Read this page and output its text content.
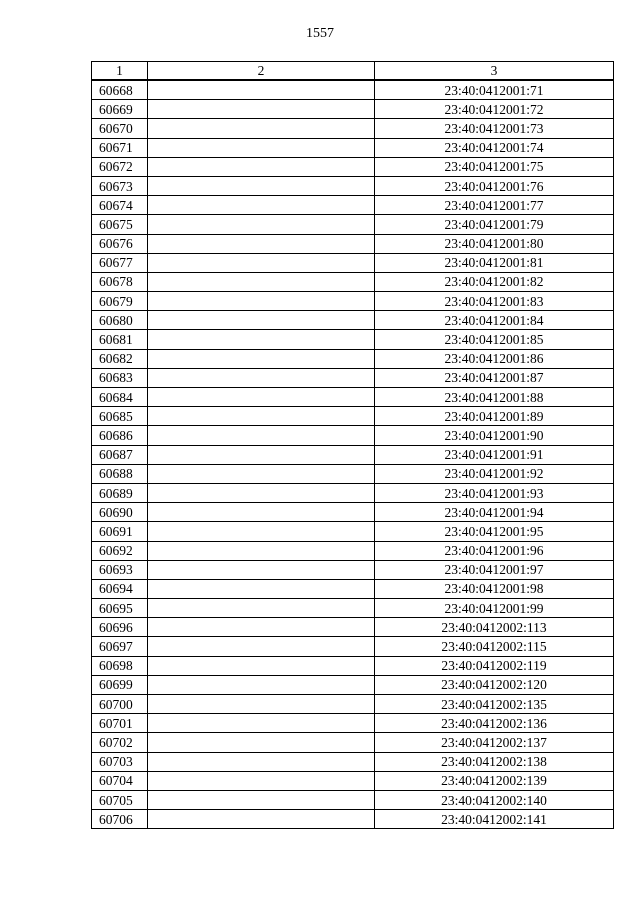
1557
1	2	3
60668		23:40:0412001:71
60669		23:40:0412001:72
60670		23:40:0412001:73
60671		23:40:0412001:74
60672		23:40:0412001:75
60673		23:40:0412001:76
60674		23:40:0412001:77
60675		23:40:0412001:79
60676		23:40:0412001:80
60677		23:40:0412001:81
60678		23:40:0412001:82
60679		23:40:0412001:83
60680		23:40:0412001:84
60681		23:40:0412001:85
60682		23:40:0412001:86
60683		23:40:0412001:87
60684		23:40:0412001:88
60685		23:40:0412001:89
60686		23:40:0412001:90
60687		23:40:0412001:91
60688		23:40:0412001:92
60689		23:40:0412001:93
60690		23:40:0412001:94
60691		23:40:0412001:95
60692		23:40:0412001:96
60693		23:40:0412001:97
60694		23:40:0412001:98
60695		23:40:0412001:99
60696		23:40:0412002:113
60697		23:40:0412002:115
60698		23:40:0412002:119
60699		23:40:0412002:120
60700		23:40:0412002:135
60701		23:40:0412002:136
60702		23:40:0412002:137
60703		23:40:0412002:138
60704		23:40:0412002:139
60705		23:40:0412002:140
60706		23:40:0412002:141
